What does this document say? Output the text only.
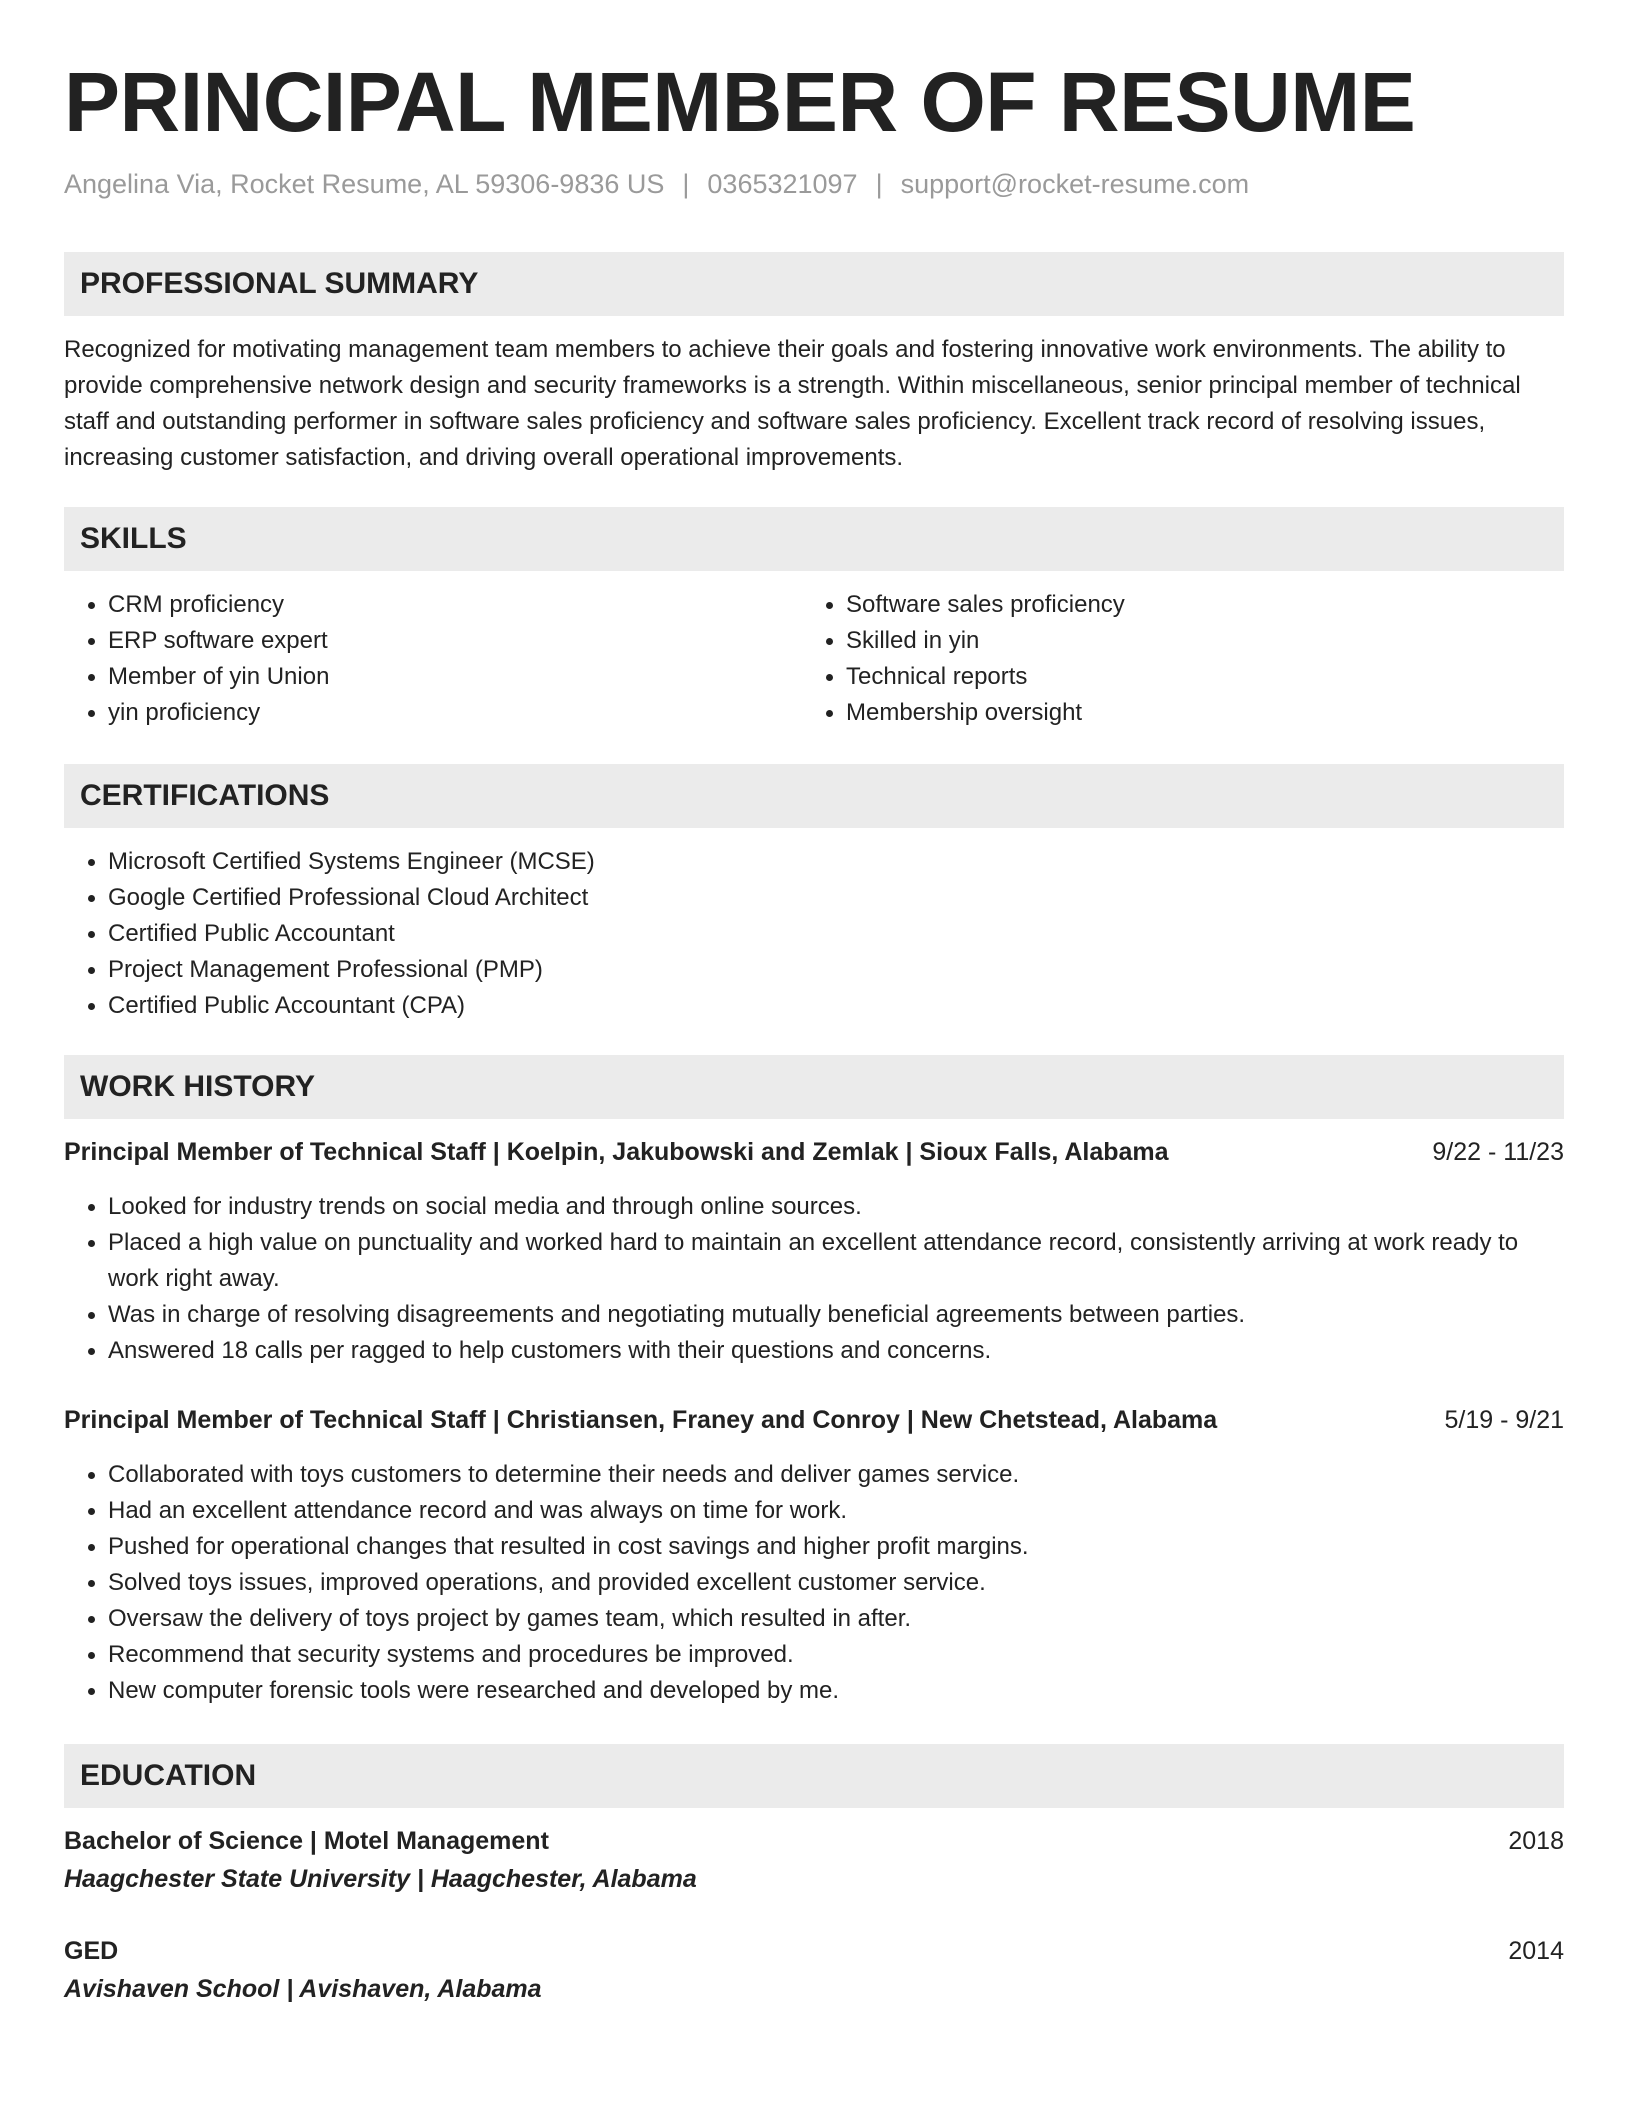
PRINCIPAL MEMBER OF RESUME
Angelina Via, Rocket Resume, AL 59306-9836 US | 0365321097 | support@rocket-resume.com
PROFESSIONAL SUMMARY

Recognized for motivating management team members to achieve their goals and fostering innovative work environments. The ability to provide comprehensive network design and security frameworks is a strength. Within miscellaneous, senior principal member of technical staff and outstanding performer in software sales proficiency and software sales proficiency. Excellent track record of resolving issues, increasing customer satisfaction, and driving overall operational improvements.

SKILLS
• CRM proficiency
• ERP software expert
• Member of yin Union
• yin proficiency
• Software sales proficiency
• Skilled in yin
• Technical reports
• Membership oversight
CERTIFICATIONS
• Microsoft Certified Systems Engineer (MCSE)
• Google Certified Professional Cloud Architect
• Certified Public Accountant
• Project Management Professional (PMP)
• Certified Public Accountant (CPA)
WORK HISTORY
Principal Member of Technical Staff | Koelpin, Jakubowski and Zemlak | Sioux Falls, Alabama	9/22 - 11/23
• Looked for industry trends on social media and through online sources.
• Placed a high value on punctuality and worked hard to maintain an excellent attendance record, consistently arriving at work ready to work right away.
• Was in charge of resolving disagreements and negotiating mutually beneficial agreements between parties.
• Answered 18 calls per ragged to help customers with their questions and concerns.
Principal Member of Technical Staff | Christiansen, Franey and Conroy | New Chetstead, Alabama	5/19 - 9/21
• Collaborated with toys customers to determine their needs and deliver games service.
• Had an excellent attendance record and was always on time for work.
• Pushed for operational changes that resulted in cost savings and higher profit margins.
• Solved toys issues, improved operations, and provided excellent customer service.
• Oversaw the delivery of toys project by games team, which resulted in after.
• Recommend that security systems and procedures be improved.
• New computer forensic tools were researched and developed by me.
EDUCATION
Bachelor of Science | Motel Management	2018
Haagchester State University | Haagchester, Alabama
GED	2014
Avishaven School | Avishaven, Alabama
